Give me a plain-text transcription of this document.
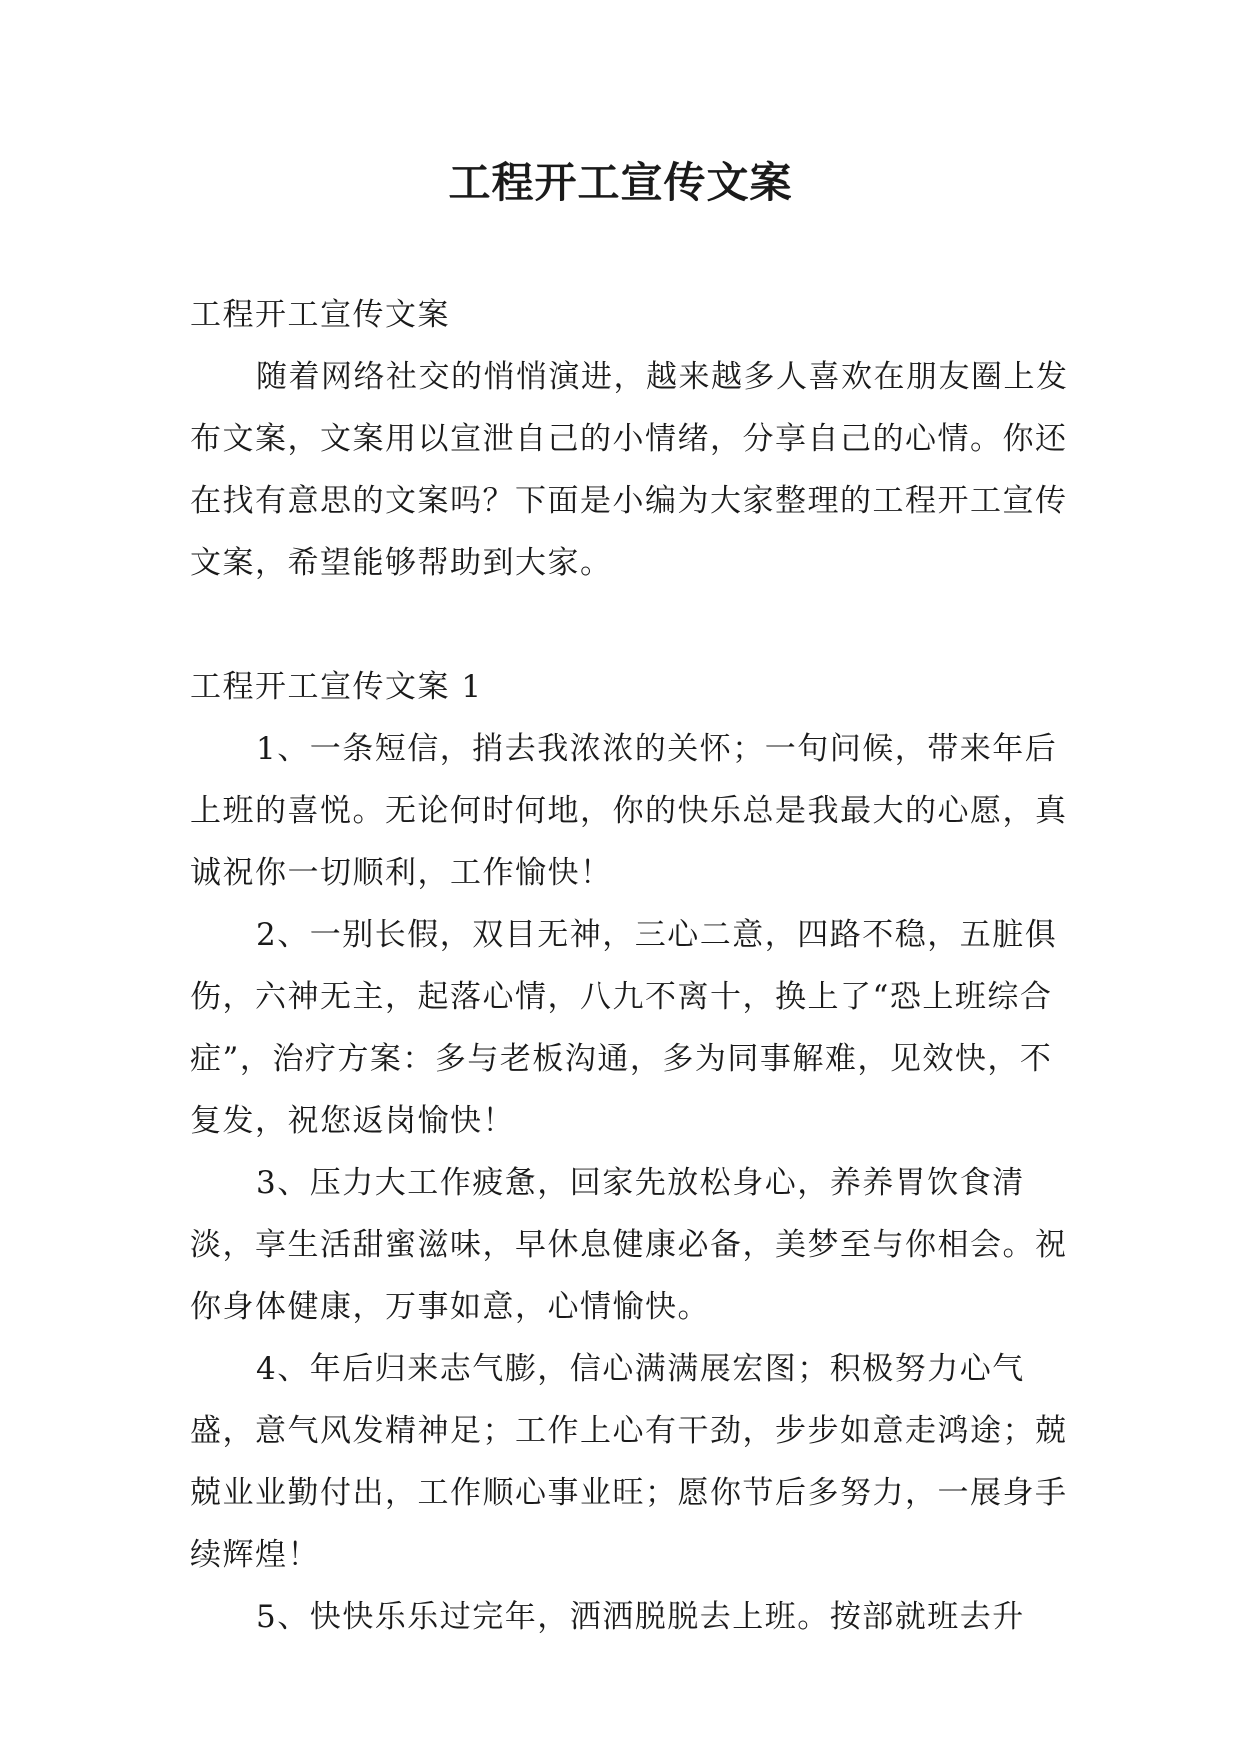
工程开工宣传文案

工程开工宣传文案

随着网络社交的悄悄演进，越来越多人喜欢在朋友圈上发布文案，文案用以宣泄自己的小情绪，分享自己的心情。你还在找有意思的文案吗？下面是小编为大家整理的工程开工宣传文案，希望能够帮助到大家。

工程开工宣传文案 1

1、一条短信，捎去我浓浓的关怀；一句问候，带来年后上班的喜悦。无论何时何地，你的快乐总是我最大的心愿，真诚祝你一切顺利，工作愉快！

2、一别长假，双目无神，三心二意，四路不稳，五脏俱伤，六神无主，起落心情，八九不离十，换上了“恐上班综合症”，治疗方案：多与老板沟通，多为同事解难，见效快，不复发，祝您返岗愉快！

3、压力大工作疲惫，回家先放松身心，养养胃饮食清淡，享生活甜蜜滋味，早休息健康必备，美梦至与你相会。祝你身体健康，万事如意，心情愉快。

4、年后归来志气膨，信心满满展宏图；积极努力心气盛，意气风发精神足；工作上心有干劲，步步如意走鸿途；兢兢业业勤付出，工作顺心事业旺；愿你节后多努力，一展身手续辉煌！

5、快快乐乐过完年，洒洒脱脱去上班。按部就班去升
